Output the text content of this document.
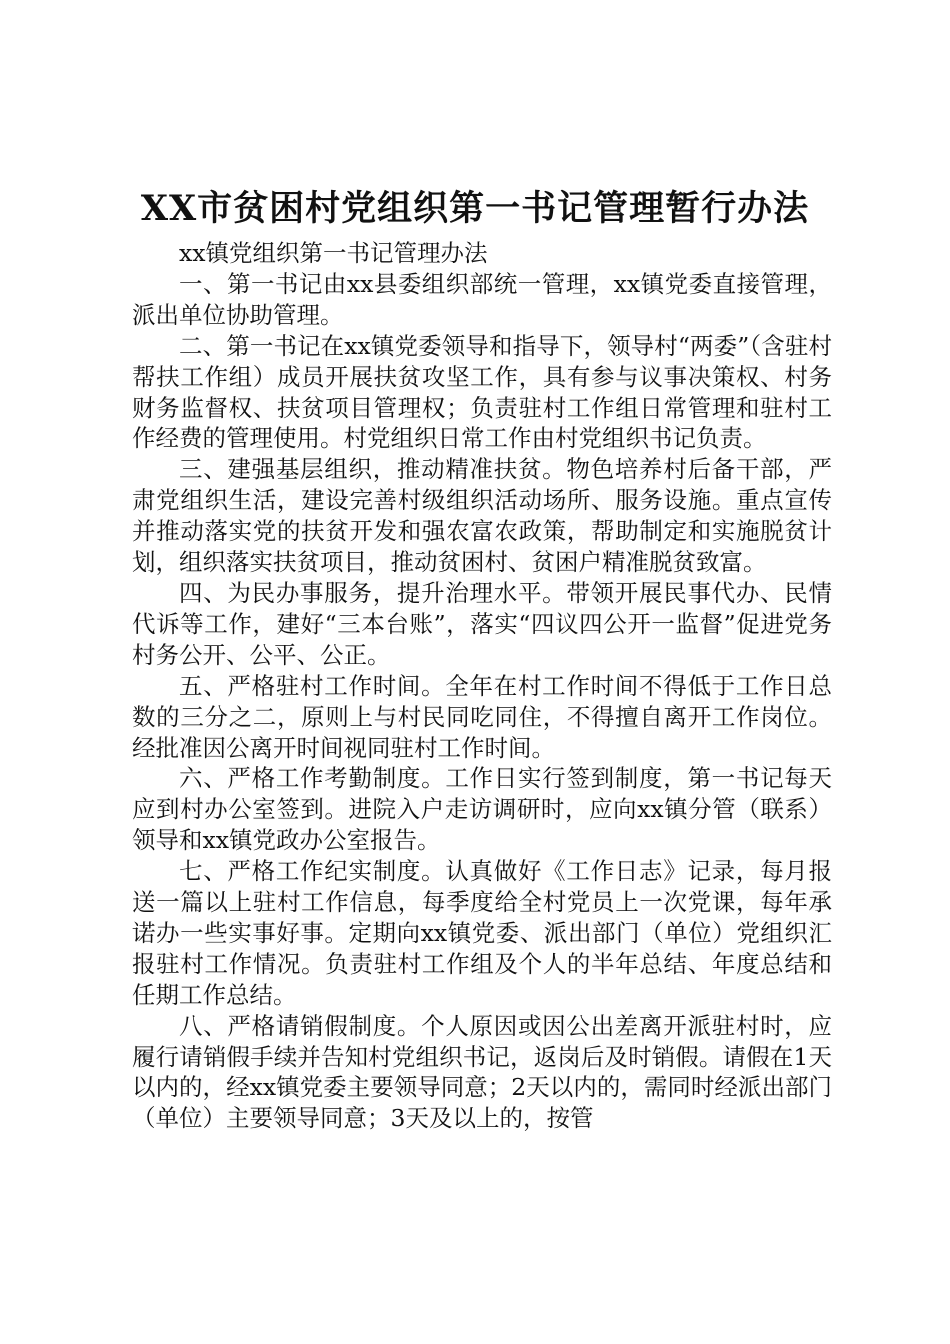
XX市贫困村党组织第一书记管理暂行办法

xx镇党组织第一书记管理办法

一、第一书记由xx县委组织部统一管理，xx镇党委直接管理，派出单位协助管理。

二、第一书记在xx镇党委领导和指导下，领导村“两委”（含驻村帮扶工作组）成员开展扶贫攻坚工作，具有参与议事决策权、村务财务监督权、扶贫项目管理权；负责驻村工作组日常管理和驻村工作经费的管理使用。村党组织日常工作由村党组织书记负责。

三、建强基层组织，推动精准扶贫。物色培养村后备干部，严肃党组织生活，建设完善村级组织活动场所、服务设施。重点宣传并推动落实党的扶贫开发和强农富农政策，帮助制定和实施脱贫计划，组织落实扶贫项目，推动贫困村、贫困户精准脱贫致富。

四、为民办事服务，提升治理水平。带领开展民事代办、民情代诉等工作，建好“三本台账”，落实“四议四公开一监督”促进党务村务公开、公平、公正。

五、严格驻村工作时间。全年在村工作时间不得低于工作日总数的三分之二，原则上与村民同吃同住，不得擅自离开工作岗位。经批准因公离开时间视同驻村工作时间。

六、严格工作考勤制度。工作日实行签到制度，第一书记每天应到村办公室签到。进院入户走访调研时，应向xx镇分管（联系）领导和xx镇党政办公室报告。

七、严格工作纪实制度。认真做好《工作日志》记录，每月报送一篇以上驻村工作信息，每季度给全村党员上一次党课，每年承诺办一些实事好事。定期向xx镇党委、派出部门（单位）党组织汇报驻村工作情况。负责驻村工作组及个人的半年总结、年度总结和任期工作总结。

八、严格请销假制度。个人原因或因公出差离开派驻村时，应履行请销假手续并告知村党组织书记，返岗后及时销假。请假在1天以内的，经xx镇党委主要领导同意；2天以内的，需同时经派出部门（单位）主要领导同意；3天及以上的，按管
